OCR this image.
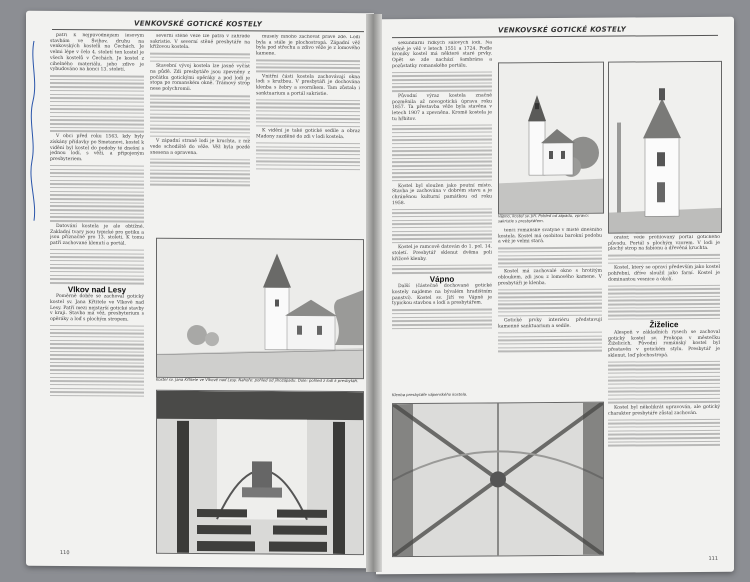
VENKOVSKÉ GOTICKÉ KOSTELY

patří k nejpůvodnějším lesovým stavbám ve Švihov, druhu na venkovských kostelů na Čechách. Je velmi lépe v čelo 4. století ten kostel je všech kostelů v Čechách. Je kostel z cihelného materiálu, jeho zdivo je vybudováno na konci 13. století.

V obci před roku 1563, kdy byly získány přídavky po Smetanovi, kostel k vidění byl kostel do podoby té dnešní s jednou lodí, s věží, a připojeným presbyteriem.

Datování kostela je ale obtížné. Zakladní tvary jsou typické pro gotiku a jsou příznačné pro 13. století. K tomu patří zachované klenutí a portál.

Vlkov nad Lesy

Poměrně dobře se zachoval gotický kostel sv. Jana Křtitele ve Vlkově nad Lesy. Patří mezi nejstarší gotické stavby v kraji. Stavba má věž, presbyterium s opěráky a loď s plochým stropem.

severní stěně věže lze patra v zahradě sakristie. V severní stěně presbytáře na křížovou kostela.

Stavební vývoj kostela lze jasně vyčíst na půdě. Zdi presbytáře jsou zpevněny z počátku gotickými opěráky a pod lodí je stopa po romanském okně. Trámový strop nese polychromii.

V západní straně lodi je kruchta, z níž vede schodiště do věže. Věž byla pozdě snesena a opravena.

musely mnoho zachovat pravé zde. Lodí byla a stále je plochostropá. Západní věž byla pod střechu a zdivo věže je z lomového kamene.

Vnitřní části kostela zachovávají okna lodi s kružbou. V presbytáři je dochována klenba s žebry a svorníkem. Tam zůstala i sanktuarium a portál sakristie.

K vidění je také gotické sedile a obraz Madony zazděné do zdi v lodi kostela.

Kostel sv. Jana Křtitele ve Vlkově nad Lesy. Nahoře: pohled od jihozápadu. Dole: pohled z lodi k presbytáři.
110
VENKOVSKÉ GOTICKÉ KOSTELY

sekundární řídkých sálových lodí. Na stěně je věž v letech 1551 a 1724. Podle kroniky kostel má některé staré prvky. Opět se zde nachází šambrána a pozůstatky romanského portálu.

Původní výraz kostela značně pozměnila až novogotická úprava roku 1857. Ta přestavba věže byla stavěna v letech 1907 a zpevněna. Kromě kostela je tu hřbitov.

Kostel byl sloužen jako poutní místo. Stavba je zachována v dobrém stavu a je chráněnou kulturní památkou od roku 1958.

Kostel je ramcově datován do 1. pol. 14. století. Presbytář sklenut dvěma poli křížové klenby.

Vápno

Další (částečně dochované gotické kostely najdeme na bývalém hradištním panství). Kostel sv. Jiří ve Vápně je typickou stavbou s lodí a presbytářem.

Vápno, kostel sv. Jiří. Pohled od západu, vpravo: sakristie s presbytářem.

tenci románské svatyně v místě dnešního kostela. Kostel má osobitou barokní podobu a věž je velmi stará.

Kostel má zachovalé okno s hrotitým obloukem, zdi jsou z lomového kamene. V presbytáři je klenba.

Gotické prvky interiéru představují kamenné sanktuarium a sedile.

Klenba presbytáře vápenského kostela.

oratoř, vede profilovaný portál gotického původu. Portál s plochým vzorem. V lodi je plochý strop na fabionu a dřevěná kruchta.

Kostel, který se opraví především jako kostel pohřební, dříve sloužil jako farní. Kostel je dominantou vesnice a okolí.

Žiželice

Alespoň v základních rysech se zachoval gotický kostel sv. Prokopa v městečku Žiželicích. Původní románský kostel byl přestavěn v gotickém stylu. Presbytář je sklenut, loď plochostropá.

Kostel byl několikrát upravován, ale gotický charakter presbytáře zůstal zachován.

111
